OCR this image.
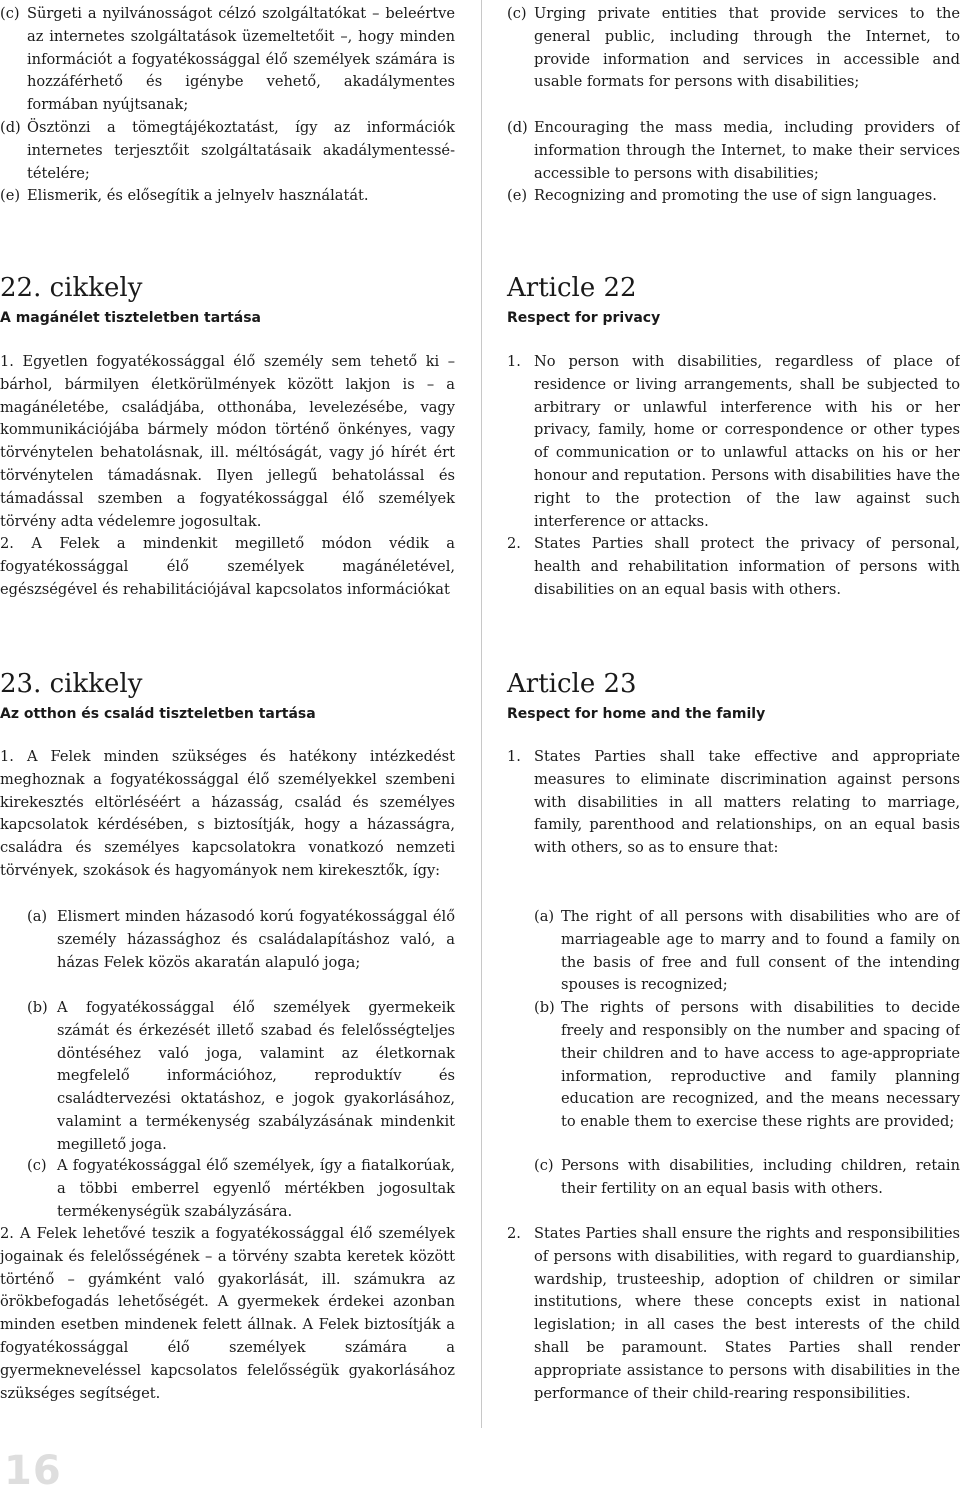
(c) Sürgeti a nyilvánosságot célzó szolgáltatókat – beleértve az internetes szolgáltatások üzemeltetőit –, hogy minden információt a fogyatékossággal élő személyek számára is hozzáférhető és igénybe vehető, akadálymentes formában nyújtsanak;
(d) Ösztönzi a tömegtájékoztatást, így az információk internetes terjesztőit szolgáltatásaik akadálymentessé-tételére;
(e) Elismerik, és elősegítik a jelnyelv használatát.
22. cikkely
A magánélet tiszteletben tartása
1. Egyetlen fogyatékossággal élő személy sem tehető ki – bárhol, bármilyen életkörülmények között lakjon is – a magánéletébe, családjába, otthonába, levelezésébe, vagy kommunikációjába bármely módon történő önkényes, vagy törvénytelen behatolásnak, ill. méltóságát, vagy jó hírét ért törvénytelen támadásnak. Ilyen jellegű behatolással és támadással szemben a fogyatékossággal élő személyek törvény adta védelemre jogosultak.
2. A Felek a mindenkit megillető módon védik a fogyatékossággal élő személyek magánéletével, egészségével és rehabilitációjával kapcsolatos információkat
23. cikkely
Az otthon és család tiszteletben tartása
1. A Felek minden szükséges és hatékony intézkedést meghoznak a fogyatékossággal élő személyekkel szembeni kirekesztés eltörléséért a házasság, család és személyes kapcsolatok kérdésében, s biztosítják, hogy a házasságra, családra és személyes kapcsolatokra vonatkozó nemzeti törvények, szokások és hagyományok nem kirekesztők, így:
(a) Elismert minden házasodó korú fogyatékossággal élő személy házassághoz és családalapításhoz való, a házas Felek közös akaratán alapuló joga;
(b) A fogyatékossággal élő személyek gyermekeik számát és érkezését illető szabad és felelősségteljes döntéséhez való joga, valamint az életkornak megfelelő információhoz, reproduktív és családtervezési oktatáshoz, e jogok gyakorlásához, valamint a termékenység szabályzásának mindenkit megillető joga.
(c) A fogyatékossággal élő személyek, így a fiatalkorúak, a többi emberrel egyenlő mértékben jogosultak termékenységük szabályzására.
2. A Felek lehetővé teszik a fogyatékossággal élő személyek jogainak és felelősségének – a törvény szabta keretek között történő – gyámként való gyakorlását, ill. számukra az örökbefogadás lehetőségét. A gyermekek érdekei azonban minden esetben mindenek felett állnak. A Felek biztosítják a fogyatékossággal élő személyek számára a gyermekneveléssel kapcsolatos felelősségük gyakorlásához szükséges segítséget.
(c) Urging private entities that provide services to the general public, including through the Internet, to provide information and services in accessible and usable formats for persons with disabilities;
(d) Encouraging the mass media, including providers of information through the Internet, to make their services accessible to persons with disabilities;
(e) Recognizing and promoting the use of sign languages.
Article 22
Respect for privacy
1. No person with disabilities, regardless of place of residence or living arrangements, shall be subjected to arbitrary or unlawful interference with his or her privacy, family, home or correspondence or other types of communication or to unlawful attacks on his or her honour and reputation. Persons with disabilities have the right to the protection of the law against such interference or attacks.
2. States Parties shall protect the privacy of personal, health and rehabilitation information of persons with disabilities on an equal basis with others.
Article 23
Respect for home and the family
1. States Parties shall take effective and appropriate measures to eliminate discrimination against persons with disabilities in all matters relating to marriage, family, parenthood and relationships, on an equal basis with others, so as to ensure that:
(a) The right of all persons with disabilities who are of marriageable age to marry and to found a family on the basis of free and full consent of the intending spouses is recognized;
(b) The rights of persons with disabilities to decide freely and responsibly on the number and spacing of their children and to have access to age-appropriate information, reproductive and family planning education are recognized, and the means necessary to enable them to exercise these rights are provided;
(c) Persons with disabilities, including children, retain their fertility on an equal basis with others.
2. States Parties shall ensure the rights and responsibilities of persons with disabilities, with regard to guardianship, wardship, trusteeship, adoption of children or similar institutions, where these concepts exist in national legislation; in all cases the best interests of the child shall be paramount. States Parties shall render appropriate assistance to persons with disabilities in the performance of their child-rearing responsibilities.
16
